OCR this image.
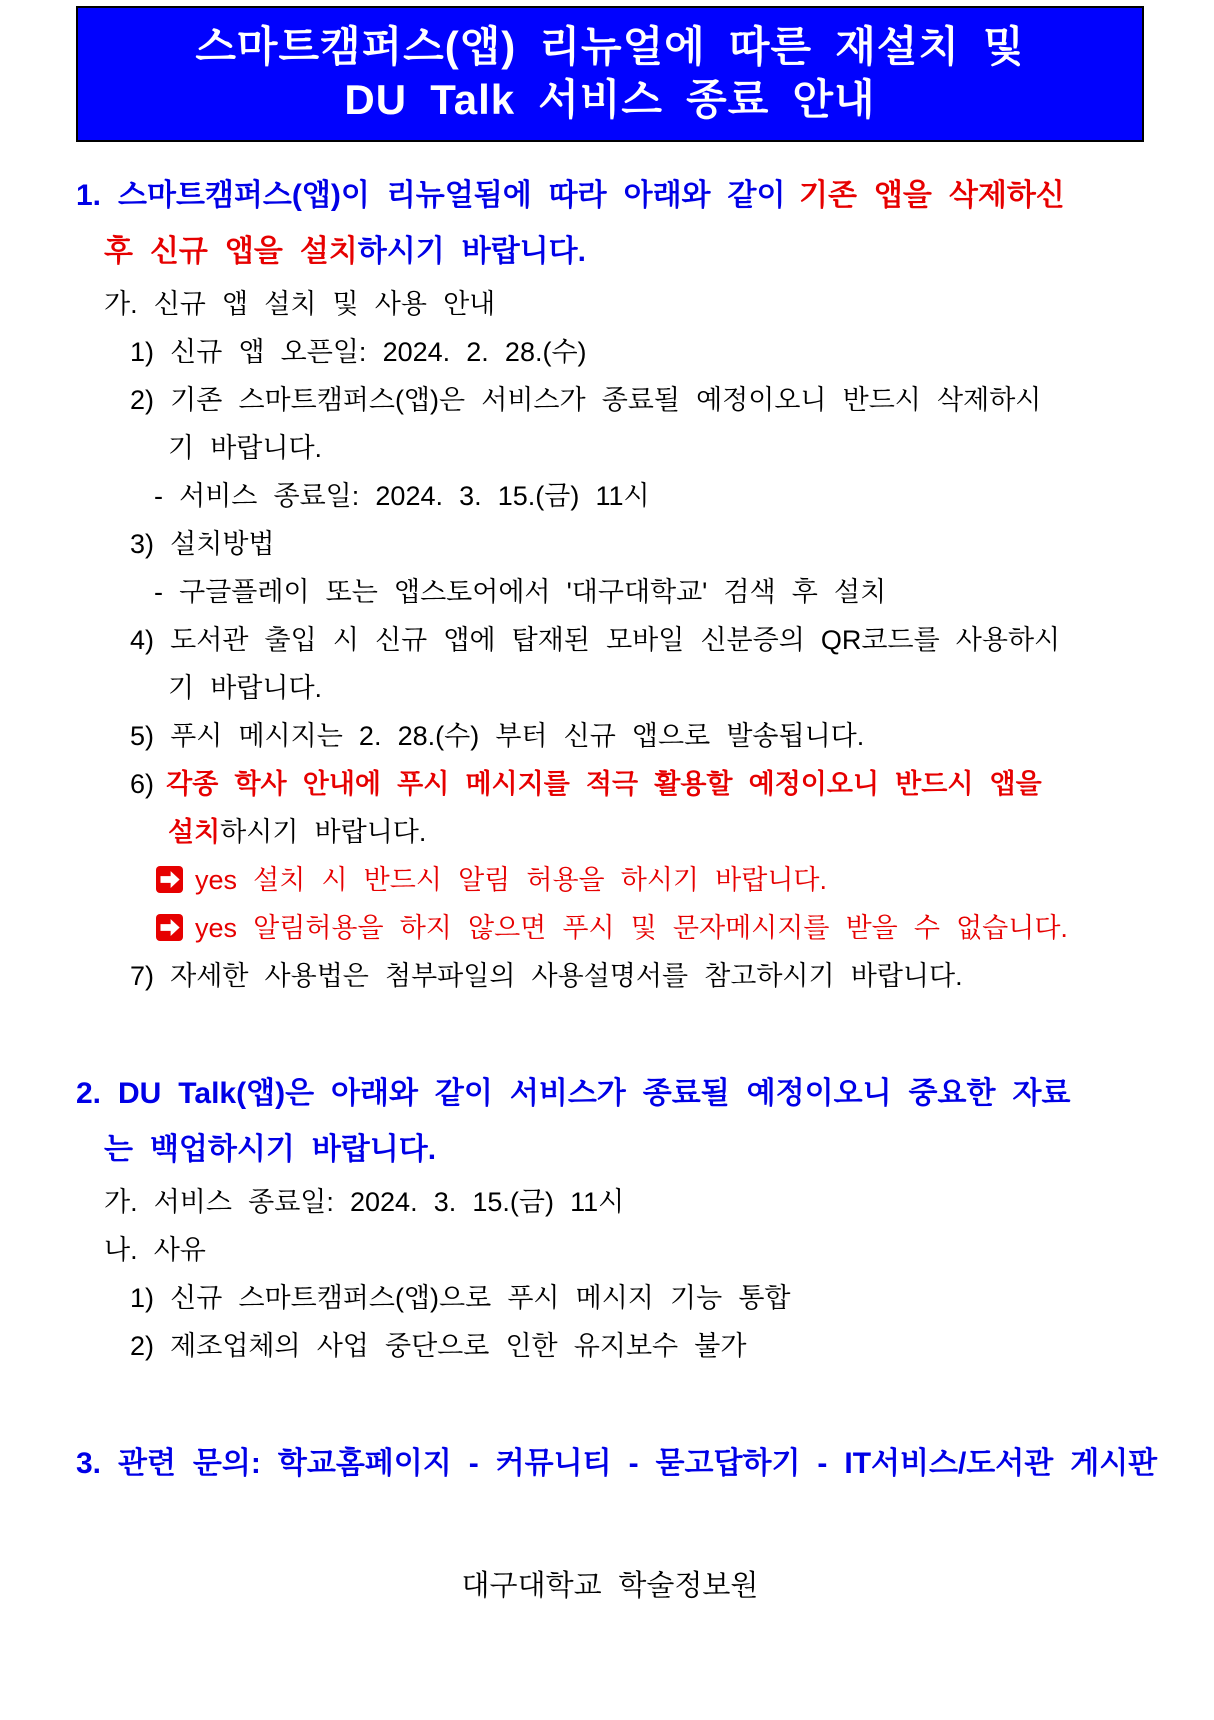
스마트캠퍼스(앱) 리뉴얼에 따른 재설치 및
DU Talk 서비스 종료 안내

1. 스마트캠퍼스(앱)이 리뉴얼됨에 따라 아래와 같이 기존 앱을 삭제하신

후 신규 앱을 설치하시기 바랍니다.

가. 신규 앱 설치 및 사용 안내

1) 신규 앱 오픈일: 2024. 2. 28.(수)

2) 기존 스마트캠퍼스(앱)은 서비스가 종료될 예정이오니 반드시 삭제하시

기 바랍니다.

- 서비스 종료일: 2024. 3. 15.(금) 11시

3) 설치방법

- 구글플레이 또는 앱스토어에서 '대구대학교' 검색 후 설치

4) 도서관 출입 시 신규 앱에 탑재된 모바일 신분증의 QR코드를 사용하시

기 바랍니다.

5) 푸시 메시지는 2. 28.(수) 부터 신규 앱으로 발송됩니다.

6) 각종 학사 안내에 푸시 메시지를 적극 활용할 예정이오니 반드시 앱을

설치하시기 바랍니다.

yes 설치 시 반드시 알림 허용을 하시기 바랍니다.

yes 알림허용을 하지 않으면 푸시 및 문자메시지를 받을 수 없습니다.

7) 자세한 사용법은 첨부파일의 사용설명서를 참고하시기 바랍니다.

2. DU Talk(앱)은 아래와 같이 서비스가 종료될 예정이오니 중요한 자료

는 백업하시기 바랍니다.

가. 서비스 종료일: 2024. 3. 15.(금) 11시

나. 사유

1) 신규 스마트캠퍼스(앱)으로 푸시 메시지 기능 통합

2) 제조업체의 사업 중단으로 인한 유지보수 불가

3. 관련 문의: 학교홈페이지 - 커뮤니티 - 묻고답하기 - IT서비스/도서관 게시판

대구대학교 학술정보원
